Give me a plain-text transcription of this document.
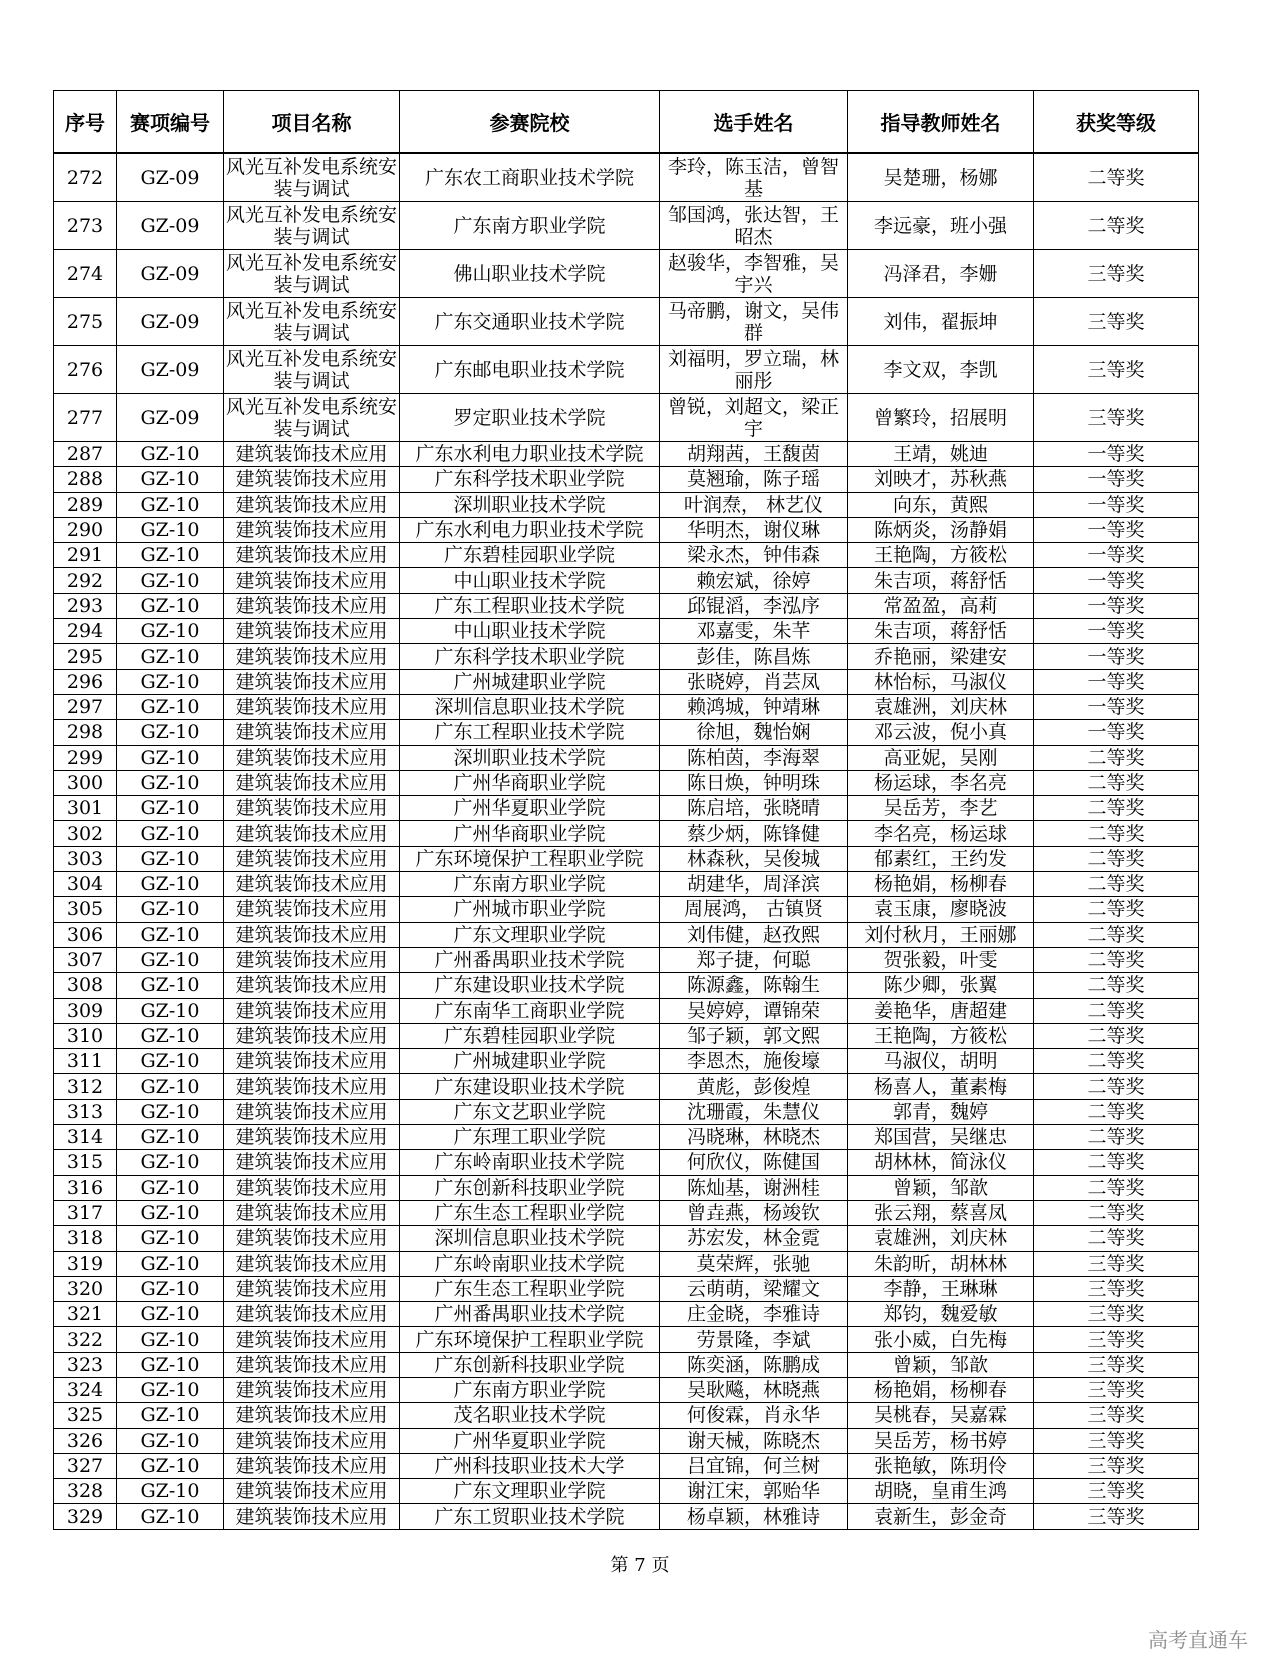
序号	赛项编号	项目名称	参赛院校	选手姓名	指导教师姓名	获奖等级
272	GZ-09	风光互补发电系统安装与调试	广东农工商职业技术学院	李玲，陈玉洁，曾智基	吴楚珊，杨娜	二等奖
273	GZ-09	风光互补发电系统安装与调试	广东南方职业学院	邹国鸿，张达智，王昭杰	李远豪，班小强	二等奖
274	GZ-09	风光互补发电系统安装与调试	佛山职业技术学院	赵骏华，李智雅，吴宇兴	冯泽君，李姗	三等奖
275	GZ-09	风光互补发电系统安装与调试	广东交通职业技术学院	马帝鹏，谢文，吴伟群	刘伟，翟振坤	三等奖
276	GZ-09	风光互补发电系统安装与调试	广东邮电职业技术学院	刘福明，罗立瑞，林丽彤	李文双，李凯	三等奖
277	GZ-09	风光互补发电系统安装与调试	罗定职业技术学院	曾锐，刘超文，梁正宇	曾繁玲，招展明	三等奖
287	GZ-10	建筑装饰技术应用	广东水利电力职业技术学院	胡翔茜，王馥茵	王靖，姚迪	一等奖
288	GZ-10	建筑装饰技术应用	广东科学技术职业学院	莫翘瑜，陈子瑶	刘映才，苏秋燕	一等奖
289	GZ-10	建筑装饰技术应用	深圳职业技术学院	叶润焘， 林艺仪	向东，黄熙	一等奖
290	GZ-10	建筑装饰技术应用	广东水利电力职业技术学院	华明杰，谢仪琳	陈炳炎，汤静娟	一等奖
291	GZ-10	建筑装饰技术应用	广东碧桂园职业学院	梁永杰，钟伟森	王艳陶，方筱松	一等奖
292	GZ-10	建筑装饰技术应用	中山职业技术学院	赖宏斌，徐婷	朱吉项，蒋舒恬	一等奖
293	GZ-10	建筑装饰技术应用	广东工程职业技术学院	邱锟滔，李泓序	常盈盈，高莉	一等奖
294	GZ-10	建筑装饰技术应用	中山职业技术学院	邓嘉雯，朱芊	朱吉项，蒋舒恬	一等奖
295	GZ-10	建筑装饰技术应用	广东科学技术职业学院	彭佳，陈昌炼	乔艳丽，梁建安	一等奖
296	GZ-10	建筑装饰技术应用	广州城建职业学院	张晓婷，肖芸凤	林怡标，马淑仪	一等奖
297	GZ-10	建筑装饰技术应用	深圳信息职业技术学院	赖鸿城，钟靖琳	袁雄洲，刘庆林	一等奖
298	GZ-10	建筑装饰技术应用	广东工程职业技术学院	徐旭，魏怡娴	邓云波，倪小真	一等奖
299	GZ-10	建筑装饰技术应用	深圳职业技术学院	陈柏茵，李海翠	高亚妮，吴刚	二等奖
300	GZ-10	建筑装饰技术应用	广州华商职业学院	陈日焕，钟明珠	杨运球，李名亮	二等奖
301	GZ-10	建筑装饰技术应用	广州华夏职业学院	陈启培，张晓晴	吴岳芳，李艺	二等奖
302	GZ-10	建筑装饰技术应用	广州华商职业学院	蔡少炳，陈锋健	李名亮，杨运球	二等奖
303	GZ-10	建筑装饰技术应用	广东环境保护工程职业学院	林森秋，吴俊城	郁素红，王约发	二等奖
304	GZ-10	建筑装饰技术应用	广东南方职业学院	胡建华，周泽滨	杨艳娟，杨柳春	二等奖
305	GZ-10	建筑装饰技术应用	广州城市职业学院	周展鸿， 古镇贤	袁玉康，廖晓波	二等奖
306	GZ-10	建筑装饰技术应用	广东文理职业学院	刘伟健，赵孜熙	刘付秋月，王丽娜	二等奖
307	GZ-10	建筑装饰技术应用	广州番禺职业技术学院	郑子捷，何聪	贺张毅，叶雯	二等奖
308	GZ-10	建筑装饰技术应用	广东建设职业技术学院	陈源鑫，陈翰生	陈少卿，张翼	二等奖
309	GZ-10	建筑装饰技术应用	广东南华工商职业学院	吴婷婷，谭锦荣	姜艳华，唐超建	二等奖
310	GZ-10	建筑装饰技术应用	广东碧桂园职业学院	邹子颖，郭文熙	王艳陶，方筱松	二等奖
311	GZ-10	建筑装饰技术应用	广州城建职业学院	李恩杰，施俊壕	马淑仪，胡明	二等奖
312	GZ-10	建筑装饰技术应用	广东建设职业技术学院	黄彪，彭俊煌	杨喜人，董素梅	二等奖
313	GZ-10	建筑装饰技术应用	广东文艺职业学院	沈珊霞，朱慧仪	郭青，魏婷	二等奖
314	GZ-10	建筑装饰技术应用	广东理工职业学院	冯晓琳，林晓杰	郑国营，吴继忠	二等奖
315	GZ-10	建筑装饰技术应用	广东岭南职业技术学院	何欣仪，陈健国	胡林林，简泳仪	二等奖
316	GZ-10	建筑装饰技术应用	广东创新科技职业学院	陈灿基，谢洲桂	曾颖，邹歆	二等奖
317	GZ-10	建筑装饰技术应用	广东生态工程职业学院	曾垚燕，杨竣钦	张云翔，蔡喜凤	二等奖
318	GZ-10	建筑装饰技术应用	深圳信息职业技术学院	苏宏发，林金霓	袁雄洲，刘庆林	二等奖
319	GZ-10	建筑装饰技术应用	广东岭南职业技术学院	莫荣辉，张驰	朱韵昕，胡林林	三等奖
320	GZ-10	建筑装饰技术应用	广东生态工程职业学院	云萌萌，梁耀文	李静，王琳琳	三等奖
321	GZ-10	建筑装饰技术应用	广州番禺职业技术学院	庄金晓，李雅诗	郑钧，魏爱敏	三等奖
322	GZ-10	建筑装饰技术应用	广东环境保护工程职业学院	劳景隆，李斌	张小威，白先梅	三等奖
323	GZ-10	建筑装饰技术应用	广东创新科技职业学院	陈奕涵，陈鹏成	曾颖，邹歆	三等奖
324	GZ-10	建筑装饰技术应用	广东南方职业学院	吴耿飚，林晓燕	杨艳娟，杨柳春	三等奖
325	GZ-10	建筑装饰技术应用	茂名职业技术学院	何俊霖，肖永华	吴桃春，吴嘉霖	三等奖
326	GZ-10	建筑装饰技术应用	广州华夏职业学院	谢天械，陈晓杰	吴岳芳，杨书婷	三等奖
327	GZ-10	建筑装饰技术应用	广州科技职业技术大学	吕宜锦，何兰树	张艳敏，陈玥伶	三等奖
328	GZ-10	建筑装饰技术应用	广东文理职业学院	谢江宋，郭贻华	胡晓，皇甫生鸿	三等奖
329	GZ-10	建筑装饰技术应用	广东工贸职业技术学院	杨卓颖，林雅诗	袁新生，彭金奇	三等奖
第 7 页
高考直通车
